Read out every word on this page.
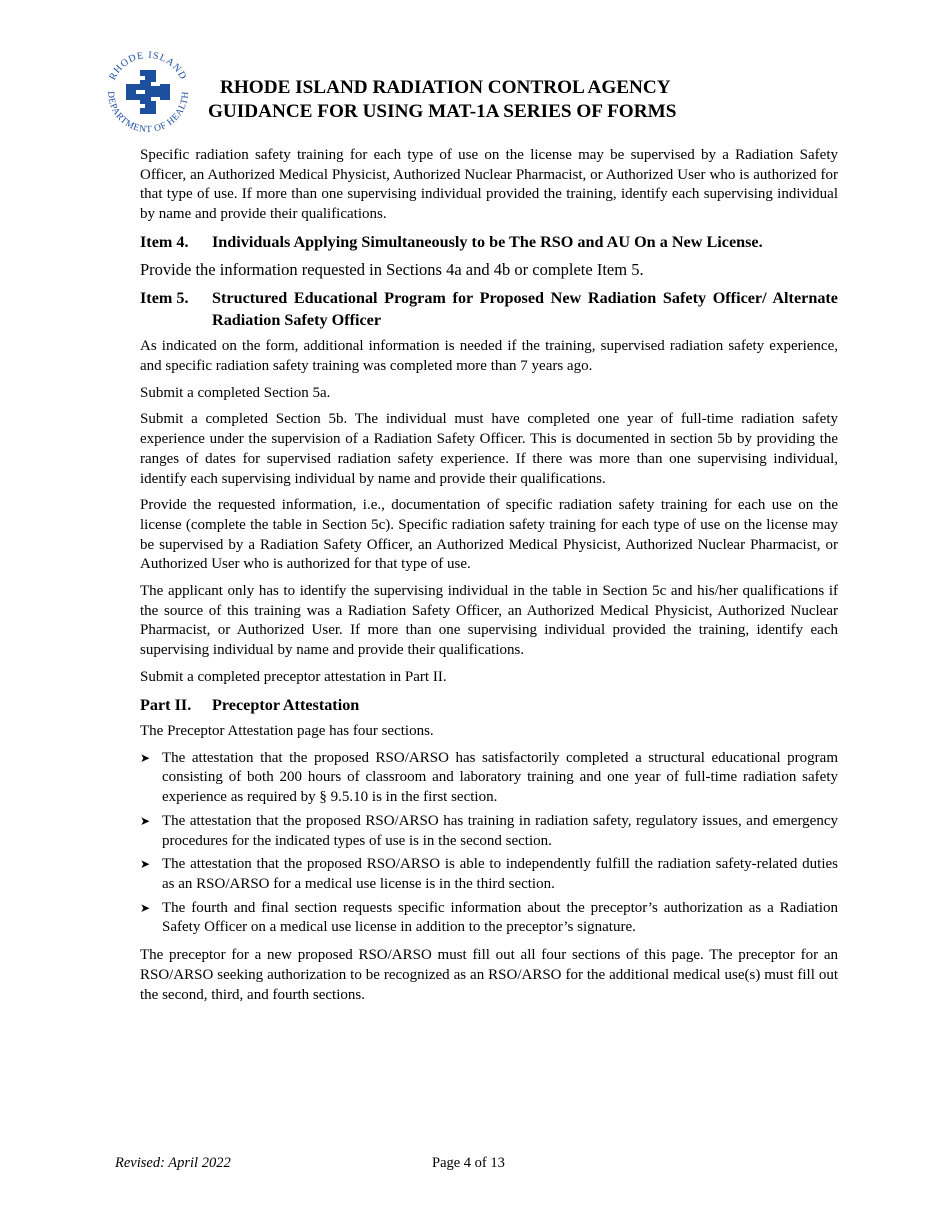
RHODE ISLAND
DEPARTMENT OF HEALTH	RHODE ISLAND RADIATION CONTROL AGENCY
GUIDANCE FOR USING MAT-1A SERIES OF FORMS

Specific radiation safety training for each type of use on the license may be supervised by a Radiation Safety Officer, an Authorized Medical Physicist, Authorized Nuclear Pharmacist, or Authorized User who is authorized for that type of use. If more than one supervising individual provided the training, identify each supervising individual by name and provide their qualifications.

Item 4.	Individuals Applying Simultaneously to be The RSO and AU On a New License.

Provide the information requested in Sections 4a and 4b or complete Item 5.

Item 5.	Structured Educational Program for Proposed New Radiation Safety Officer/ Alternate Radiation Safety Officer

As indicated on the form, additional information is needed if the training, supervised radiation safety experience, and specific radiation safety training was completed more than 7 years ago.

Submit a completed Section 5a.

Submit a completed Section 5b. The individual must have completed one year of full-time radiation safety experience under the supervision of a Radiation Safety Officer. This is documented in section 5b by providing the ranges of dates for supervised radiation safety experience. If there was more than one supervising individual, identify each supervising individual by name and provide their qualifications.

Provide the requested information, i.e., documentation of specific radiation safety training for each use on the license (complete the table in Section 5c). Specific radiation safety training for each type of use on the license may be supervised by a Radiation Safety Officer, an Authorized Medical Physicist, Authorized Nuclear Pharmacist, or Authorized User who is authorized for that type of use.

The applicant only has to identify the supervising individual in the table in Section 5c and his/her qualifications if the source of this training was a Radiation Safety Officer, an Authorized Medical Physicist, Authorized Nuclear Pharmacist, or Authorized User. If more than one supervising individual provided the training, identify each supervising individual by name and provide their qualifications.

Submit a completed preceptor attestation in Part II.

Part II.	Preceptor Attestation

The Preceptor Attestation page has four sections.

➤ The attestation that the proposed RSO/ARSO has satisfactorily completed a structural educational program consisting of both 200 hours of classroom and laboratory training and one year of full-time radiation safety experience as required by § 9.5.10 is in the first section.
➤ The attestation that the proposed RSO/ARSO has training in radiation safety, regulatory issues, and emergency procedures for the indicated types of use is in the second section.
➤ The attestation that the proposed RSO/ARSO is able to independently fulfill the radiation safety-related duties as an RSO/ARSO for a medical use license is in the third section.
➤ The fourth and final section requests specific information about the preceptor’s authorization as a Radiation Safety Officer on a medical use license in addition to the preceptor’s signature.

The preceptor for a new proposed RSO/ARSO must fill out all four sections of this page. The preceptor for an RSO/ARSO seeking authorization to be recognized as an RSO/ARSO for the additional medical use(s) must fill out the second, third, and fourth sections.

Revised: April 2022	Page 4 of 13
